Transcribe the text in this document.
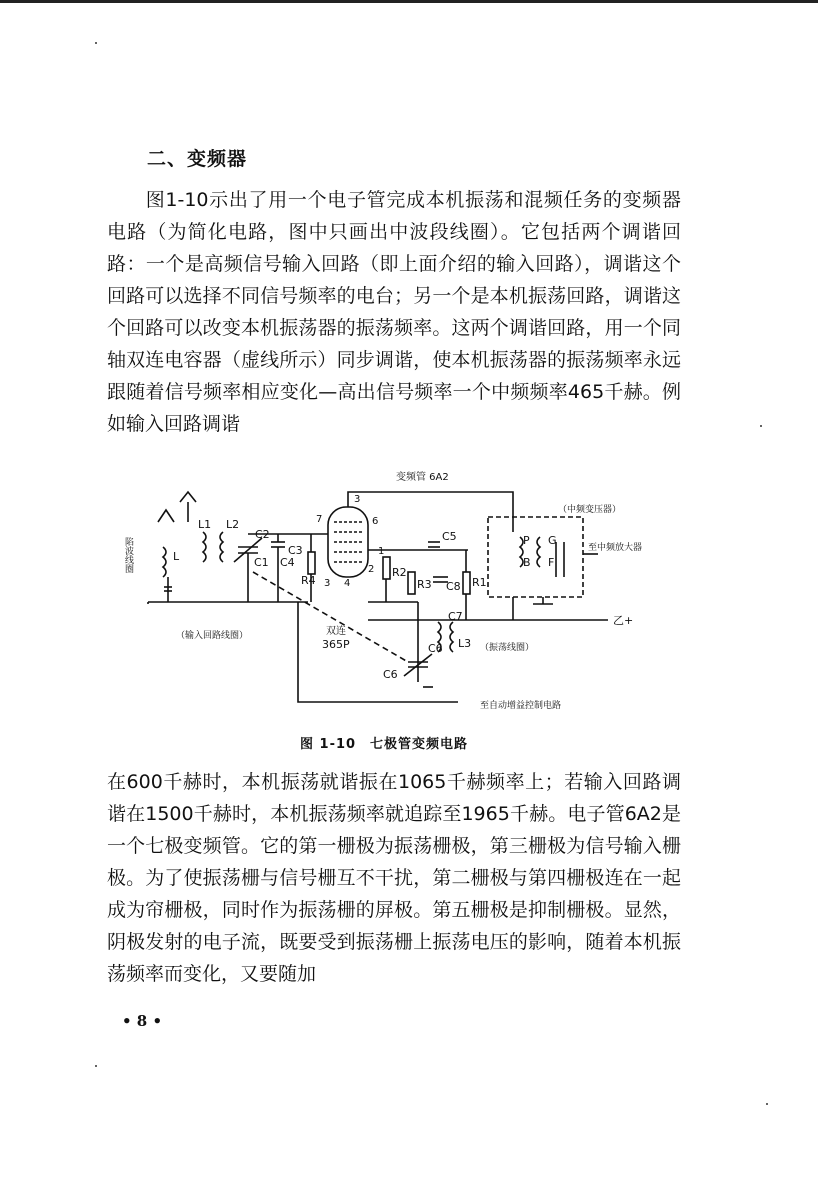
二、变频器

图1-10示出了用一个电子管完成本机振荡和混频任务的变频器电路（为简化电路，图中只画出中波段线圈）。它包括两个调谐回路：一个是高频信号输入回路（即上面介绍的输入回路），调谐这个回路可以选择不同信号频率的电台；另一个是本机振荡回路，调谐这个回路可以改变本机振荡器的振荡频率。这两个调谐回路，用一个同轴双连电容器（虚线所示）同步调谐，使本机振荡器的振荡频率永远跟随着信号频率相应变化—高出信号频率一个中频频率465千赫。例如输入回路调谐

变频管 6A2
（中频变压器）
至中频放大器
陷波线圈
（输入回路线圈）
（振荡线圈）
双连
365P
至自动增益控制电路
乙+
L
L1 L2
C1
C2
C3
C4
R4
R2
R3
C5
C8 R1
C7
C6 L3
C6
P
B
G
F
6
7
3
3 4
2
1
图 1-10　七极管变频电路
在600千赫时，本机振荡就谐振在1065千赫频率上；若输入回路调谐在1500千赫时，本机振荡频率就追踪至1965千赫。电子管6A2是一个七极变频管。它的第一栅极为振荡栅极，第三栅极为信号输入栅极。为了使振荡栅与信号栅互不干扰，第二栅极与第四栅极连在一起成为帘栅极，同时作为振荡栅的屏极。第五栅极是抑制栅极。显然，阴极发射的电子流，既要受到振荡栅上振荡电压的影响，随着本机振荡频率而变化，又要随加
• 8 •
